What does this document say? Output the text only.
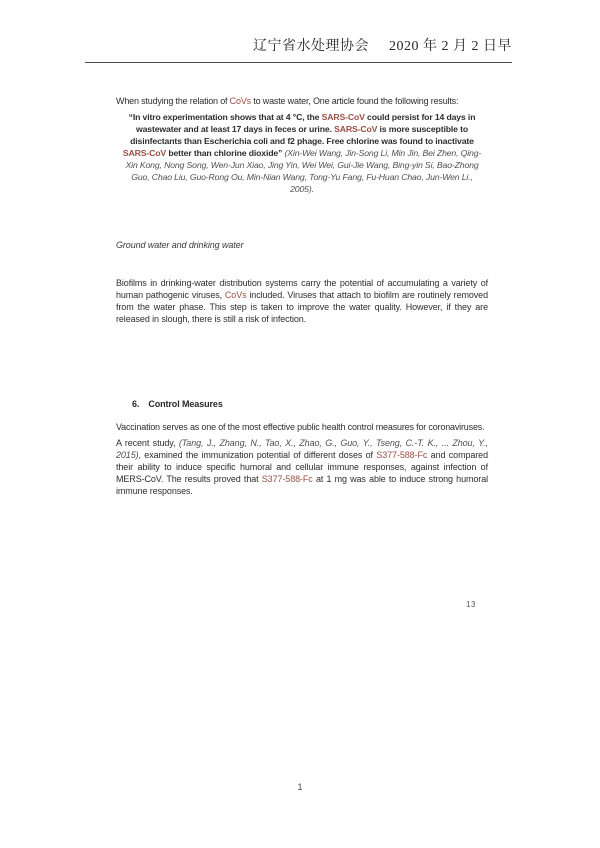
辽宁省水处理协会 2020 年 2 月 2 日早

When studying the relation of CoVs to waste water, One article found the following results:

“In vitro experimentation shows that at 4 °C, the SARS-CoV could persist for 14 days in wastewater and at least 17 days in feces or urine. SARS-CoV is more susceptible to disinfectants than Escherichia coli and f2 phage. Free chlorine was found to inactivate SARS-CoV better than chlorine dioxide” (Xin-Wei Wang, Jin-Song Li, Min Jin, Bei Zhen, Qing-Xin Kong, Nong Song, Wen-Jun Xiao, Jing Yin, Wei Wei, Gui-Jie Wang, Bing-yin Si, Bao-Zhong Guo, Chao Liu, Guo-Rong Ou, Min-Nian Wang, Tong-Yu Fang, Fu-Huan Chao, Jun-Wen Li., 2005).

Ground water and drinking water

Biofilms in drinking-water distribution systems carry the potential of accumulating a variety of human pathogenic viruses, CoVs included. Viruses that attach to biofilm are routinely removed from the water phase. This step is taken to improve the water quality. However, if they are released in slough, there is still a risk of infection.

6. Control Measures

Vaccination serves as one of the most effective public health control measures for coronaviruses.

A recent study, (Tang, J., Zhang, N., Tao, X., Zhao, G., Guo, Y., Tseng, C.-T. K., ... Zhou, Y., 2015), examined the immunization potential of different doses of S377-588-Fc and compared their ability to induce specific humoral and cellular immune responses, against infection of MERS-CoV. The results proved that S377-588-Fc at 1 mg was able to induce strong humoral immune responses.

13
1
